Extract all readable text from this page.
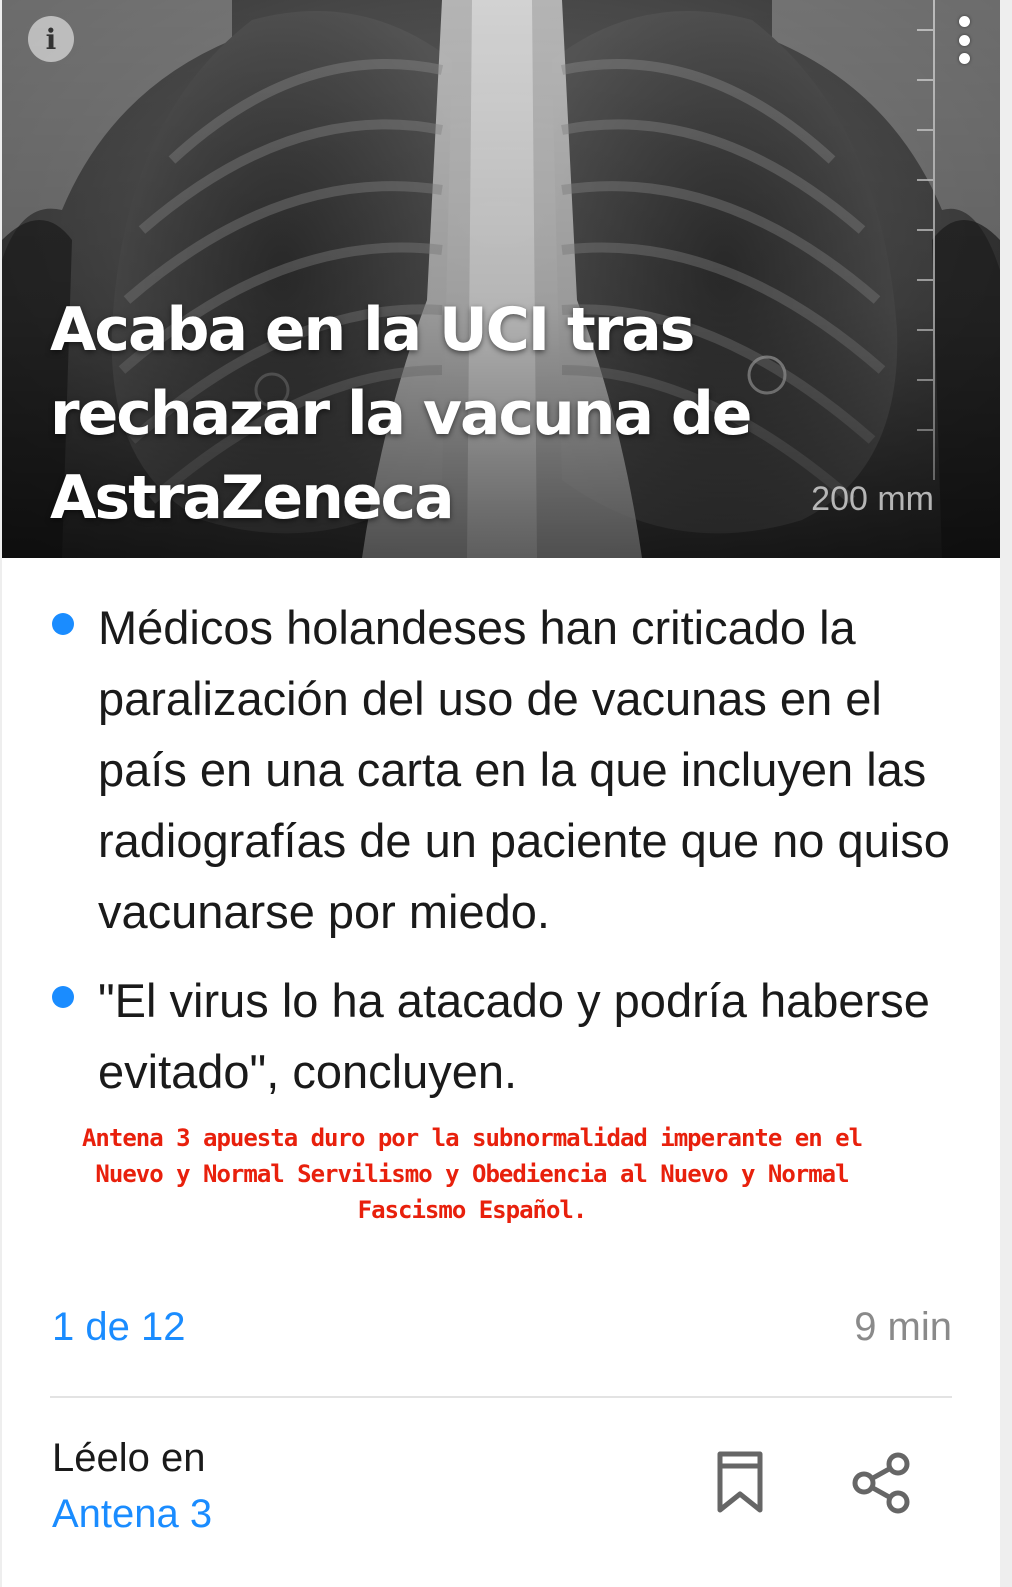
200 mm
Acaba en la UCI tras rechazar la vacuna de AstraZeneca
i
Médicos holandeses han criticado la paralización del uso de vacunas en el país en una carta en la que incluyen las radiografías de un paciente que no quiso vacunarse por miedo.
"El virus lo ha atacado y podría haberse evitado", concluyen.

Antena 3 apuesta duro por la subnormalidad imperante en el Nuevo y Normal Servilismo y Obediencia al Nuevo y Normal Fascismo Español.

1 de 12	9 min
Léelo en
Antena 3
